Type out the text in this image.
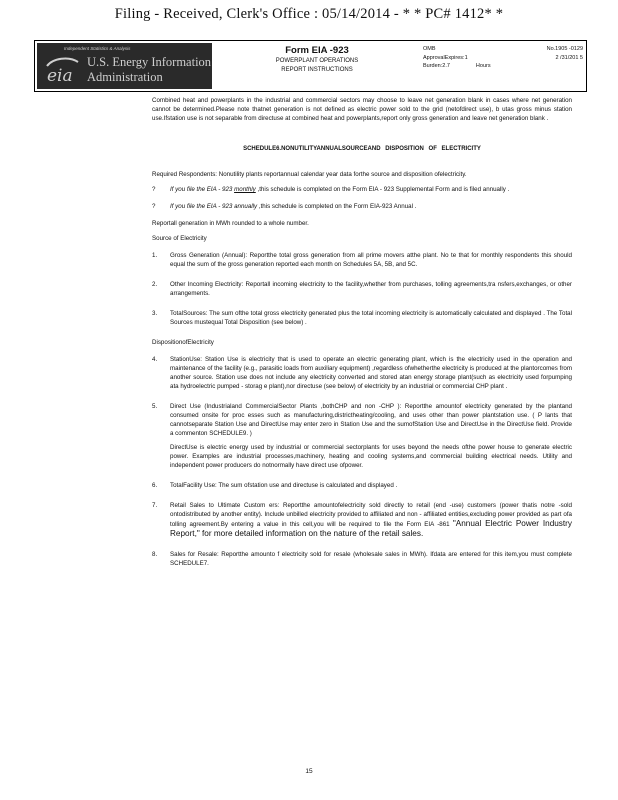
Filing - Received, Clerk's Office : 05/14/2014 - * * PC# 1412* *
Independent Statistics & Analysis
eia
U.S. Energy Information
Administration
Form EIA -923
POWERPLANT OPERATIONS
REPORT INSTRUCTIONS
OMB	No.1905 -0129
ApprovalExpires:1	2 /31/201 5
Burden:2.7	Hours

Combined heat and powerplants in the industrial and commercial sectors may choose to leave net generation blank in cases where net generation cannot be determined.Please note thatnet generation is not defined as electric power sold to the grid (netofdirect use), b utas gross minus station use.Ifstation use is not separable from directuse at combined heat and powerplants,report only gross generation and leave net generation blank .

SCHEDULE6.NONUTILITYANNUALSOURCEAND DISPOSITION OF ELECTRICITY

Required Respondents: Nonutility plants reportannual calendar year data forthe source and disposition ofelectricity.

?	If you file the EIA - 923 monthly ,this schedule is completed on the Form EIA - 923 Supplemental Form and is filed annually .
?	If you file the EIA - 923 annually ,this schedule is completed on the Form EIA-923 Annual .

Reportall generation in MWh rounded to a whole number.

Source of Electricity
1.	Gross Generation (Annual): Reportthe total gross generation from all prime movers atthe plant. No te that for monthly respondents this should equal the sum of the gross generation reported each month on Schedules 5A, 5B, and 5C.

2.	Other Incoming Electricity: Reportall incoming electricity to the facility,whether from purchases, tolling agreements,tra nsfers,exchanges, or other arrangements.

3.	TotalSources: The sum ofthe total gross electricity generated plus the total incoming electricity is automatically calculated and displayed . The Total Sources mustequal Total Disposition (see below) .

DispositionofElectricity
4.	StationUse: Station Use is electricity that is used to operate an electric generating plant, which is the electricity used in the operation and maintenance of the facility (e.g., parasitic loads from auxiliary equipment) ,regardless ofwhetherthe electricity is produced at the plantorcomes from another source. Station use does not include any electricity converted and stored atan energy storage plant(such as electricity used forpumping ata hydroelectric pumped - storag e plant),nor directuse (see below) of electricity by an industrial or commercial CHP plant .

5.	Direct Use (Industrialand CommercialSector Plants ,bothCHP and non -CHP ): Reportthe amountof electricity generated by the plantand consumed onsite for proc esses such as manufacturing,districtheating/cooling, and uses other than power plantstation use. ( P lants that cannotseparate Station Use and DirectUse may enter zero in Station Use and the sumofStation Use and DirectUse in the DirectUse field. Provide a commenton SCHEDULE9. )

DirectUse is electric energy used by industrial or commercial sectorplants for uses beyond the needs ofthe power house to generate electric power. Examples are industrial processes,machinery, heating and cooling systems,and commercial building electrical needs. Utility and independent power producers do notnormally have direct use ofpower.

6.	TotalFacility Use: The sum ofstation use and directuse is calculated and displayed .

7.	Retail Sales to Ultimate Custom ers: Reportthe amountofelectricity sold directly to retail (end -use) customers (power thatis notre -sold ontodistributed by another entity). Include unbilled electricity provided to affiliated and non - affiliated entities,excluding power provided as part ofa tolling agreement.By entering a value in this cell,you will be required to file the Form EIA -861 "Annual Electric Power Industry Report," for more detailed information on the nature of the retail sales.

8.	Sales for Resale: Reportthe amounto f electricity sold for resale (wholesale sales in MWh). Ifdata are entered for this item,you must complete SCHEDULE7.

15
